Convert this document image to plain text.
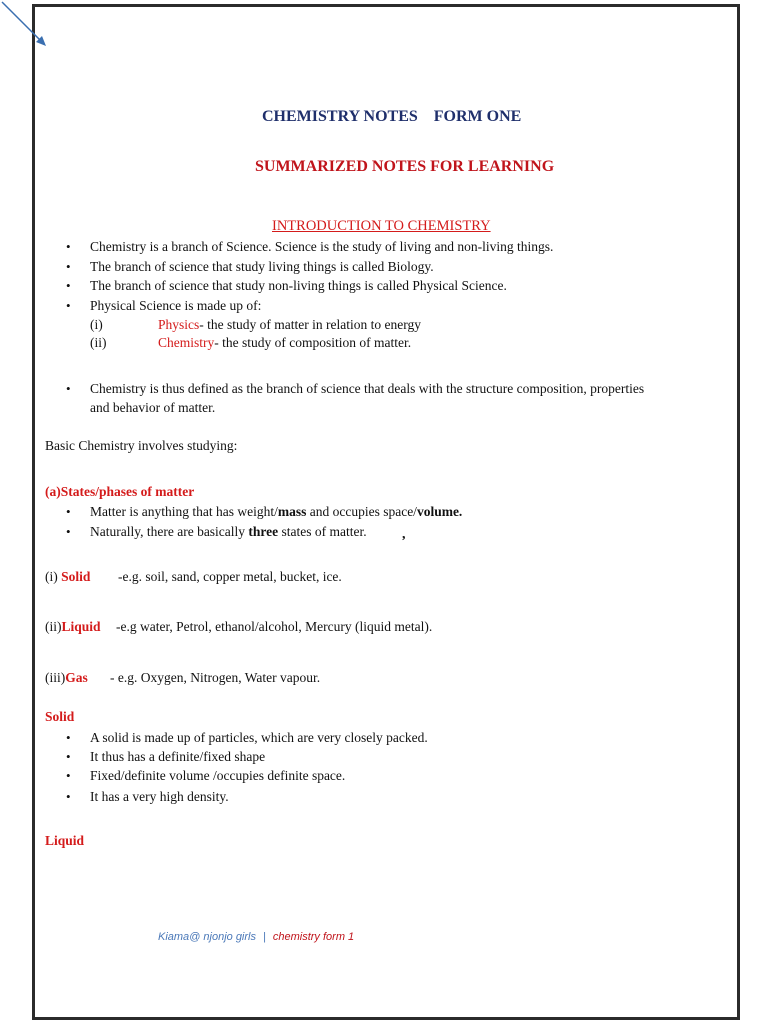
CHEMISTRY NOTES    FORM ONE
SUMMARIZED NOTES FOR LEARNING
INTRODUCTION TO CHEMISTRY
• Chemistry is a branch of Science. Science is the study of living and non-living things.
• The branch of science that study living things is called Biology.
• The branch of science that study non-living things is called Physical Science.
• Physical Science is made up of:
(i)	Physics- the study of matter in relation to energy
(ii)	Chemistry- the study of composition of matter.
• Chemistry is thus defined as the branch of science that deals with the structure composition, properties
and behavior of matter.
Basic Chemistry involves studying:
(a)States/phases of matter
• Matter is anything that has weight/mass and occupies space/volume.
• Naturally, there are basically three states of matter.	,
(i) Solid -e.g. soil, sand, copper metal, bucket, ice.
(ii)Liquid -e.g water, Petrol, ethanol/alcohol, Mercury (liquid metal).
(iii)Gas - e.g. Oxygen, Nitrogen, Water vapour.
Solid
• A solid is made up of particles, which are very closely packed.
• It thus has a definite/fixed shape
• Fixed/definite volume /occupies definite space.
• It has a very high density.
Liquid
Kiama@ njonjo girls | chemistry form 1
